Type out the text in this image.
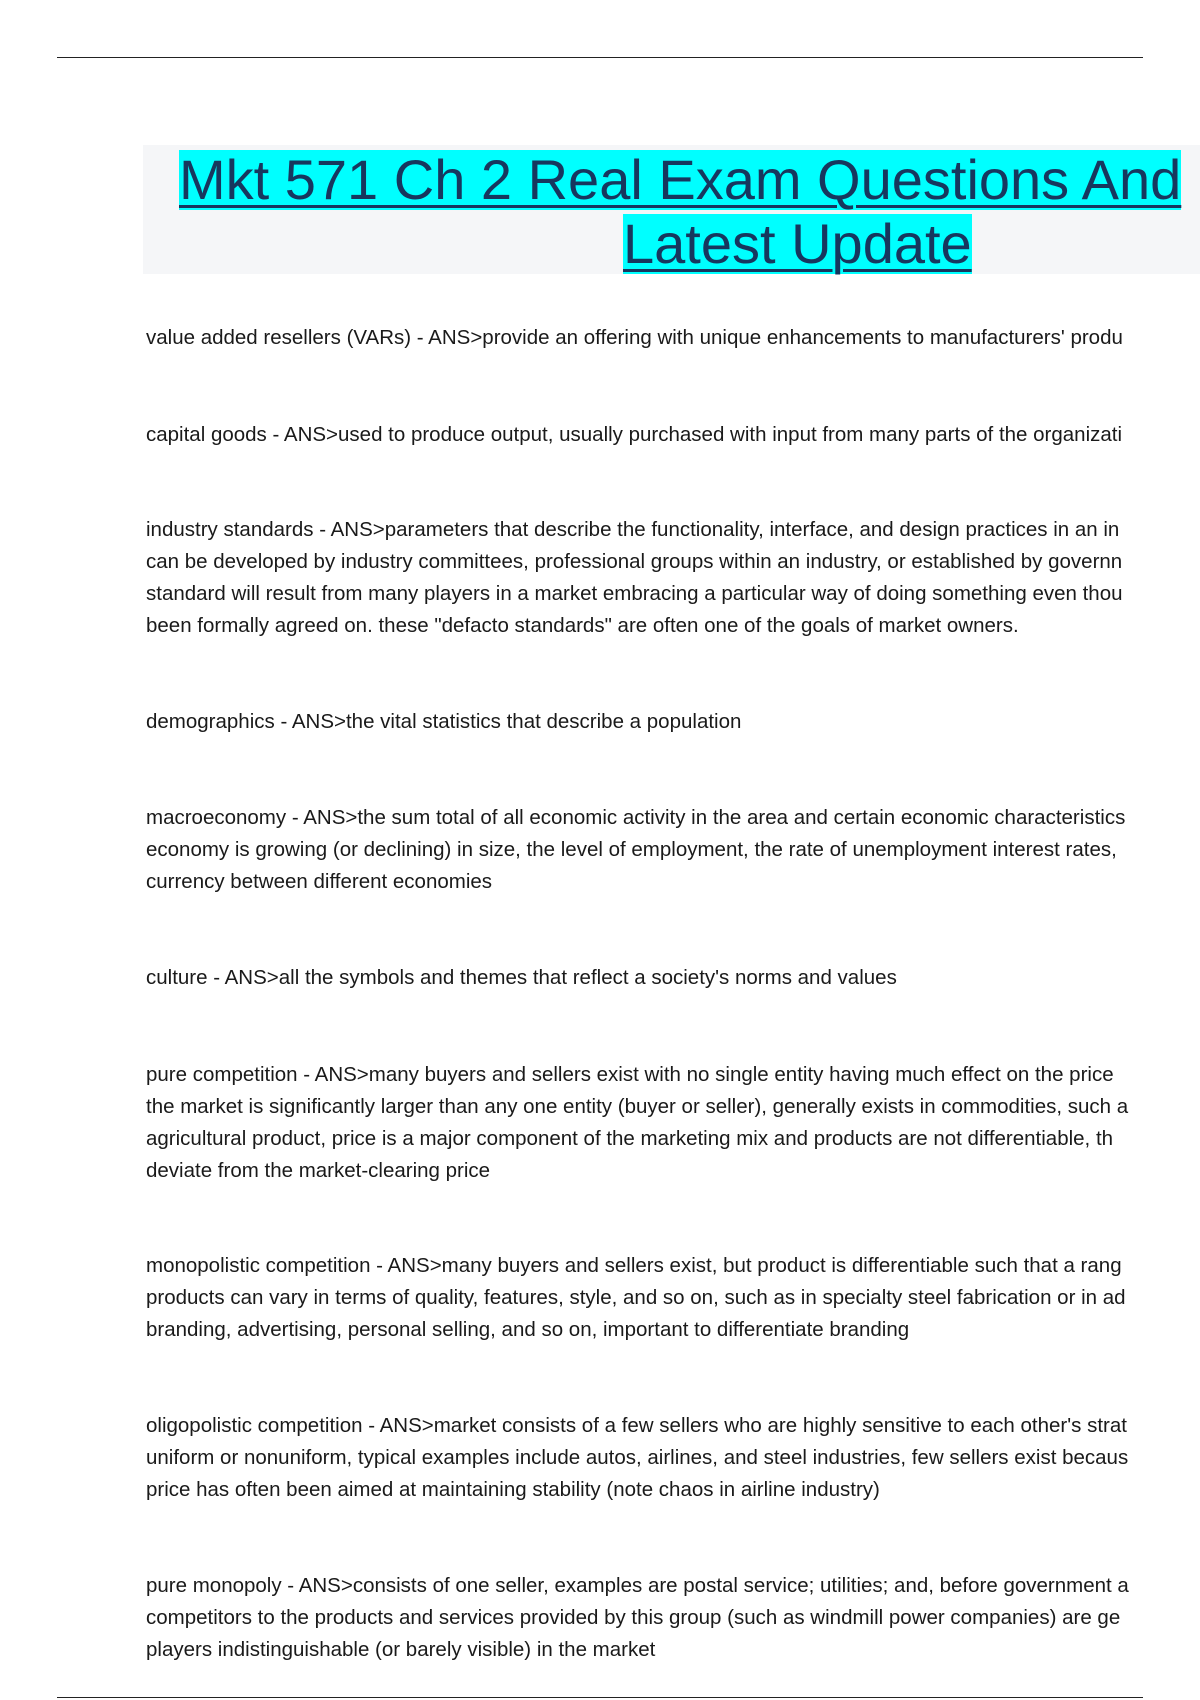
Mkt 571 Ch 2 Real Exam Questions And
Latest Update
value added resellers (VARs) - ANS>provide an offering with unique enhancements to manufacturers' produ
capital goods - ANS>used to produce output, usually purchased with input from many parts of the organizati
industry standards - ANS>parameters that describe the functionality, interface, and design practices in an in
can be developed by industry committees, professional groups within an industry, or established by governn
standard will result from many players in a market embracing a particular way of doing something even thou
been formally agreed on. these "defacto standards" are often one of the goals of market owners.
demographics - ANS>the vital statistics that describe a population
macroeconomy - ANS>the sum total of all economic activity in the area and certain economic characteristics
economy is growing (or declining) in size, the level of employment, the rate of unemployment interest rates,
currency between different economies
culture - ANS>all the symbols and themes that reflect a society's norms and values
pure competition - ANS>many buyers and sellers exist with no single entity having much effect on the price
the market is significantly larger than any one entity (buyer or seller), generally exists in commodities, such a
agricultural product, price is a major component of the marketing mix and products are not differentiable, th
deviate from the market-clearing price
monopolistic competition - ANS>many buyers and sellers exist, but product is differentiable such that a rang
products can vary in terms of quality, features, style, and so on, such as in specialty steel fabrication or in ad
branding, advertising, personal selling, and so on, important to differentiate branding
oligopolistic competition - ANS>market consists of a few sellers who are highly sensitive to each other's strat
uniform or nonuniform, typical examples include autos, airlines, and steel industries, few sellers exist becaus
price has often been aimed at maintaining stability (note chaos in airline industry)
pure monopoly - ANS>consists of one seller, examples are postal service; utilities; and, before government a
competitors to the products and services provided by this group (such as windmill power companies) are ge
players indistinguishable (or barely visible) in the market
